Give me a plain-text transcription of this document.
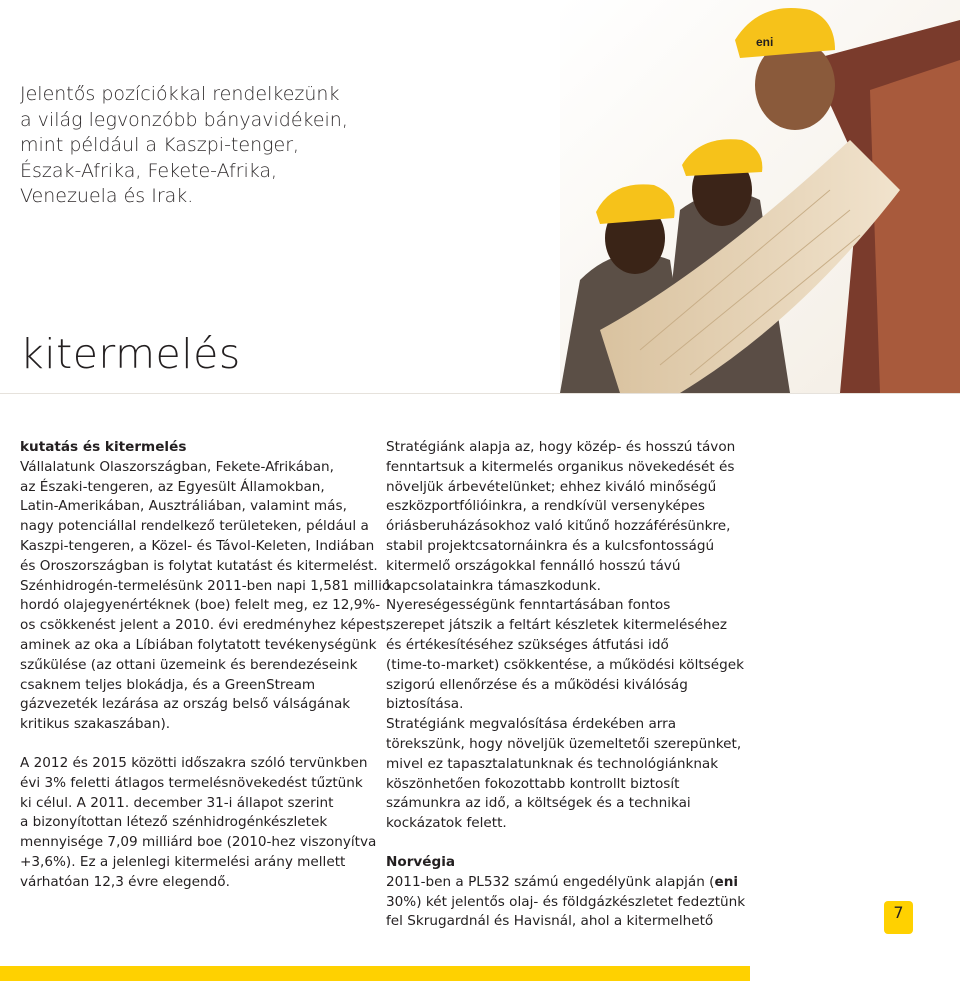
Jelentős pozíciókkal rendelkezünk
a világ legvonzóbb bányavidékein,
mint például a Kaszpi-tenger,
Észak-Afrika, Fekete-Afrika,
Venezuela és Irak.
kitermelés
eni

kutatás és kitermelés

Vállalatunk Olaszországban, Fekete-Afrikában,
az Északi-tengeren, az Egyesült Államokban,
Latin-Amerikában, Ausztráliában, valamint más,
nagy potenciállal rendelkező területeken, például a
Kaszpi-tengeren, a Közel- és Távol-Keleten, Indiában
és Oroszországban is folytat kutatást és kitermelést.
Szénhidrogén-termelésünk 2011-ben napi 1,581 millió
hordó olajegyenértéknek (boe) felelt meg, ez 12,9%-
os csökkenést jelent a 2010. évi eredményhez képest,
aminek az oka a Líbiában folytatott tevékenységünk
szűkülése (az ottani üzemeink és berendezéseink
csaknem teljes blokádja, és a GreenStream
gázvezeték lezárása az ország belső válságának
kritikus szakaszában).

A 2012 és 2015 közötti időszakra szóló tervünkben
évi 3% feletti átlagos termelésnövekedést tűztünk
ki célul. A 2011. december 31-i állapot szerint
a bizonyítottan létező szénhidrogénkészletek
mennyisége 7,09 milliárd boe (2010-hez viszonyítva
+3,6%). Ez a jelenlegi kitermelési arány mellett
várhatóan 12,3 évre elegendő.

Stratégiánk alapja az, hogy közép- és hosszú távon
fenntartsuk a kitermelés organikus növekedését és
növeljük árbevételünket; ehhez kiváló minőségű
eszközportfólióinkra, a rendkívül versenyképes
óriásberuházásokhoz való kitűnő hozzáférésünkre,
stabil projektcsatornáinkra és a kulcsfontosságú
kitermelő országokkal fennálló hosszú távú
kapcsolatainkra támaszkodunk.
Nyereségességünk fenntartásában fontos
szerepet játszik a feltárt készletek kitermeléséhez
és értékesítéséhez szükséges átfutási idő
(time-to-market) csökkentése, a működési költségek
szigorú ellenőrzése és a működési kiválóság
biztosítása.
Stratégiánk megvalósítása érdekében arra
törekszünk, hogy növeljük üzemeltetői szerepünket,
mivel ez tapasztalatunknak és technológiánknak
köszönhetően fokozottabb kontrollt biztosít
számunkra az idő, a költségek és a technikai
kockázatok felett.

Norvégia

2011-ben a PL532 számú engedélyünk alapján (eni
30%) két jelentős olaj- és földgázkészletet fedeztünk
fel Skrugardnál és Havisnál, ahol a kitermelhető	7
